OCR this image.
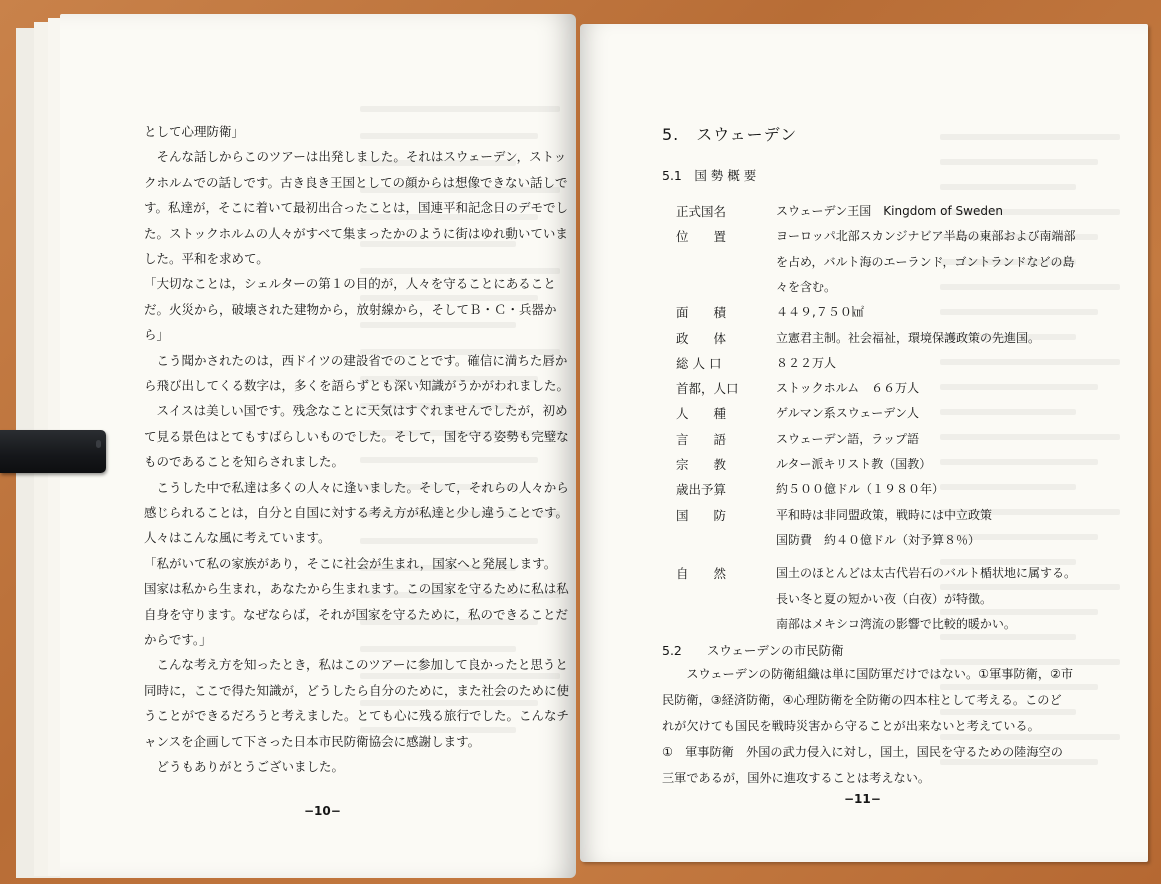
として心理防衛」
　そんな話しからこのツアーは出発しました。それはスウェーデン，ストッ
クホルムでの話しです。古き良き王国としての顔からは想像できない話しで
す。私達が，そこに着いて最初出合ったことは，国連平和記念日のデモでし
た。ストックホルムの人々がすべて集まったかのように街はゆれ動いていま
した。平和を求めて。
「大切なことは，シェルターの第１の目的が，人々を守ることにあること
だ。火災から，破壊された建物から，放射線から，そしてＢ・Ｃ・兵器か
ら」
　こう聞かされたのは，西ドイツの建設省でのことです。確信に満ちた唇か
ら飛び出してくる数字は，多くを語らずとも深い知識がうかがわれました。
　スイスは美しい国です。残念なことに天気はすぐれませんでしたが，初め
て見る景色はとてもすばらしいものでした。そして，国を守る姿勢も完璧な
ものであることを知らされました。
　こうした中で私達は多くの人々に逢いました。そして，それらの人々から
感じられることは，自分と自国に対する考え方が私達と少し違うことです。
人々はこんな風に考えています。
「私がいて私の家族があり，そこに社会が生まれ，国家へと発展します。
国家は私から生まれ，あなたから生まれます。この国家を守るために私は私
自身を守ります。なぜならば，それが国家を守るために，私のできることだ
からです。」
　こんな考え方を知ったとき，私はこのツアーに参加して良かったと思うと
同時に，ここで得た知識が，どうしたら自分のために，また社会のために使
うことができるだろうと考えました。とても心に残る旅行でした。こんなチ
ャンスを企画して下さった日本市民防衛協会に感謝します。
　どうもありがとうございました。
−10−
5.　スウェーデン
5.1　国 勢 概 要
正式国名	スウェーデン王国　Kingdom of Sweden
位　　置	ヨーロッパ北部スカンジナビア半島の東部および南端部
を占め，バルト海のエーランド，ゴントランドなどの島
々を含む。
面　　積	４４９,７５０㎢
政　　体	立憲君主制。社会福祉，環境保護政策の先進国。
総 人 口	８２２万人
首都，人口	ストックホルム　６６万人
人　　種	ゲルマン系スウェーデン人
言　　語	スウェーデン語，ラップ語
宗　　教	ルター派キリスト教（国教）
歳出予算	約５００億ドル（１９８０年）
国　　防	平和時は非同盟政策，戦時には中立政策
国防費　約４０億ドル（対予算８％）
自　　然	国土のほとんどは太古代岩石のバルト楯状地に属する。
長い冬と夏の短かい夜（白夜）が特徴。
南部はメキシコ湾流の影響で比較的暖かい。
5.2　　スウェーデンの市民防衛
　　スウェーデンの防衛組織は単に国防軍だけではない。①軍事防衛，②市
民防衛，③経済防衛，④心理防衛を全防衛の四本柱として考える。このど
れが欠けても国民を戦時災害から守ることが出来ないと考えている。
①　軍事防衛　外国の武力侵入に対し，国土，国民を守るための陸海空の
三軍であるが，国外に進攻することは考えない。
−11−
